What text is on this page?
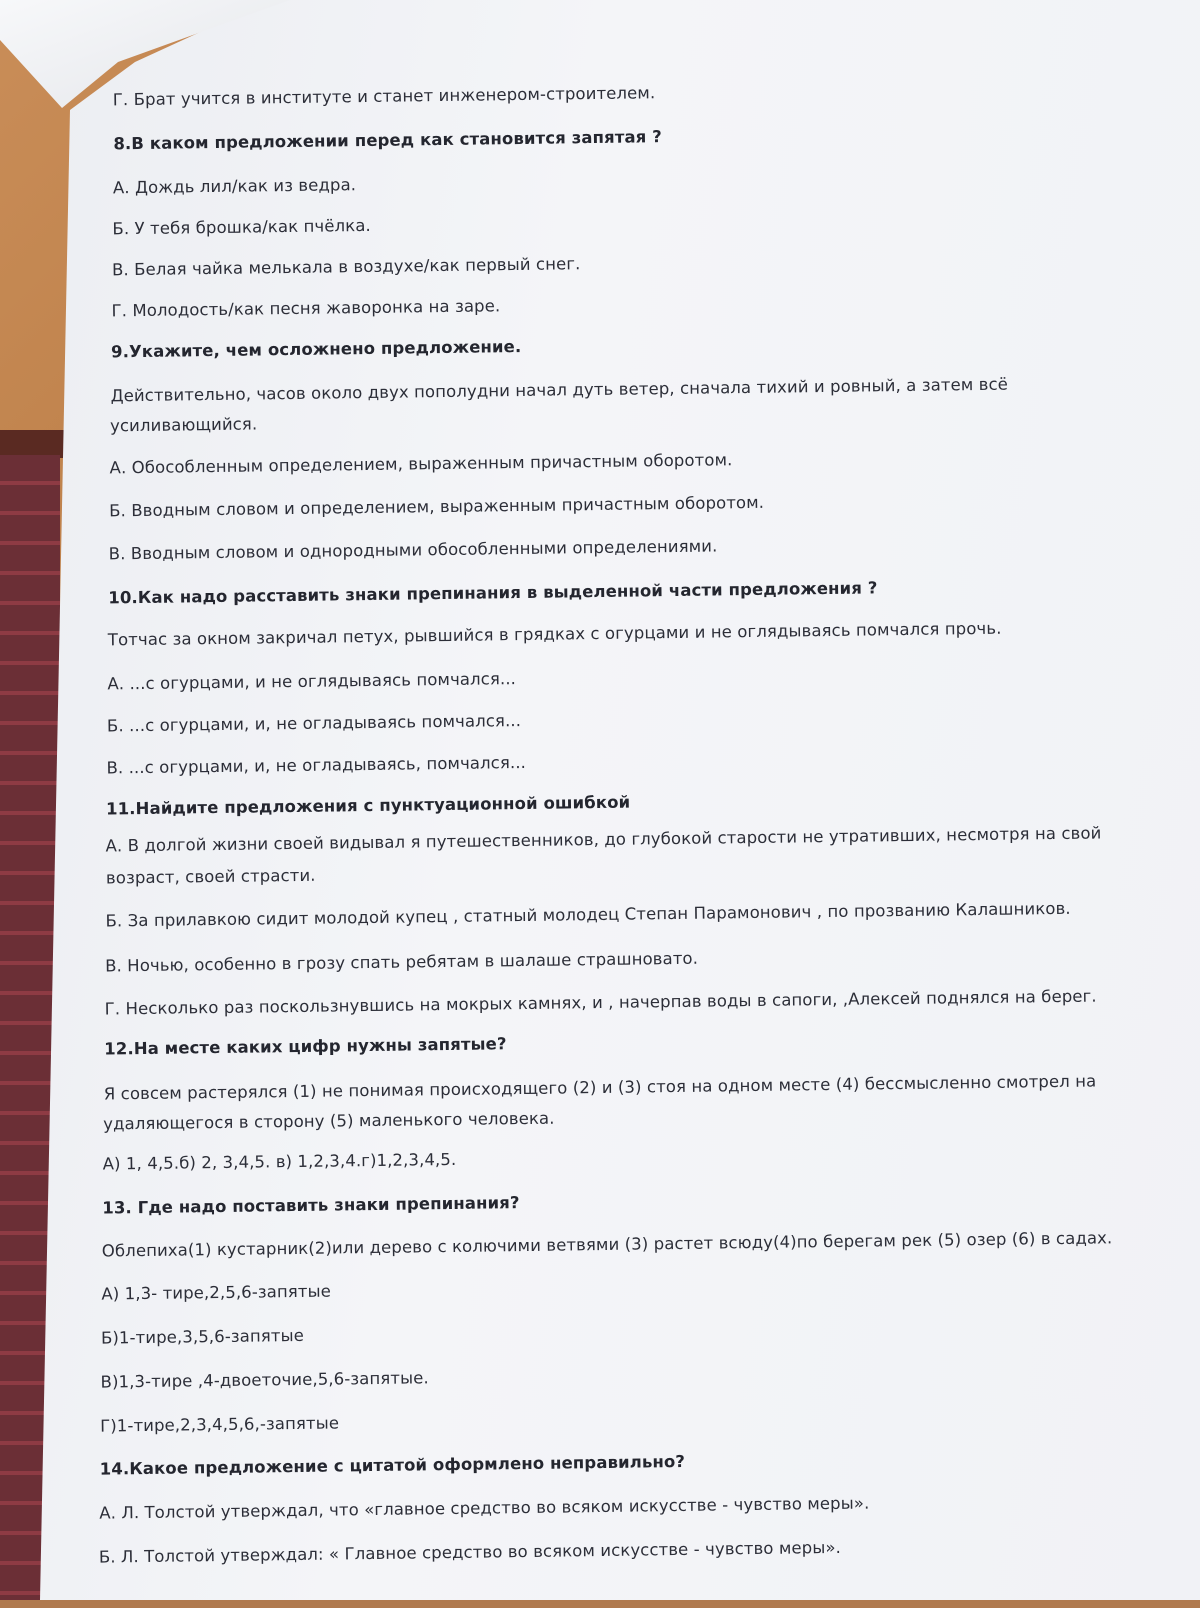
Г. Брат учится в институте и станет инженером-строителем.

8.В каком предложении перед как становится запятая ?

А. Дождь лил/как из ведра.

Б. У тебя брошка/как пчёлка.

В. Белая чайка мелькала в воздухе/как первый снег.

Г. Молодость/как песня жаворонка на заре.

9.Укажите, чем осложнено предложение.

Действительно, часов около двух пополудни начал дуть ветер, сначала тихий и ровный, а затем всё

усиливающийся.

А. Обособленным определением, выраженным причастным оборотом.

Б. Вводным словом и определением, выраженным причастным оборотом.

В. Вводным словом и однородными обособленными определениями.

10.Как надо расставить знаки препинания в выделенной части предложения ?

Тотчас за окном закричал петух, рывшийся в грядках с огурцами и не оглядываясь помчался прочь.

А. ...с огурцами, и не оглядываясь помчался...

Б. ...с огурцами, и, не огладываясь помчался...

В. ...с огурцами, и, не огладываясь, помчался...

11.Найдите предложения с пунктуационной ошибкой

А. В долгой жизни своей видывал я путешественников, до глубокой старости не утративших, несмотря на свой

возраст, своей страсти.

Б. За прилавкою сидит молодой купец , статный молодец Степан Парамонович , по прозванию Калашников.

В. Ночью, особенно в грозу спать ребятам в шалаше страшновато.

Г. Несколько раз поскользнувшись на мокрых камнях, и , начерпав воды в сапоги, ,Алексей поднялся на берег.

12.На месте каких цифр нужны запятые?

Я совсем растерялся (1) не понимая происходящего (2) и (3) стоя на одном месте (4) бессмысленно смотрел на

удаляющегося в сторону (5) маленького человека.

А) 1, 4,5.б) 2, 3,4,5. в) 1,2,3,4.г)1,2,3,4,5.

13. Где надо поставить знаки препинания?

Облепиха(1) кустарник(2)или дерево с колючими ветвями (3) растет всюду(4)по берегам рек (5) озер (6) в садах.

А) 1,3- тире,2,5,6-запятые

Б)1-тире,3,5,6-запятые

В)1,3-тире ,4-двоеточие,5,6-запятые.

Г)1-тире,2,3,4,5,6,-запятые

14.Какое предложение с цитатой оформлено неправильно?

А. Л. Толстой утверждал, что «главное средство во всяком искусстве - чувство меры».

Б. Л. Толстой утверждал: « Главное средство во всяком искусстве - чувство меры».
